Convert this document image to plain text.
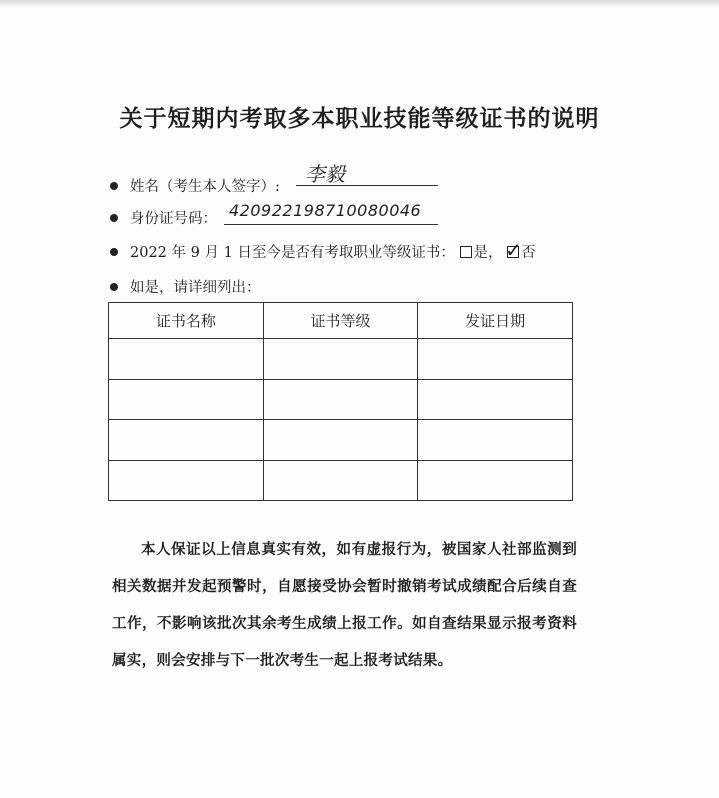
关于短期内考取多本职业技能等级证书的说明
姓名（考生本人签字）:
李毅
身份证号码： 420922198710080046
2022 年 9 月 1 日至今是否有考取职业等级证书： 是， ✓ 否
如是，请详细列出：
证书名称	证书等级	发证日期

本人保证以上信息真实有效，如有虚报行为，被国家人社部监测到相关数据并发起预警时，自愿接受协会暂时撤销考试成绩配合后续自查工作，不影响该批次其余考生成绩上报工作。如自查结果显示报考资料属实，则会安排与下一批次考生一起上报考试结果。
